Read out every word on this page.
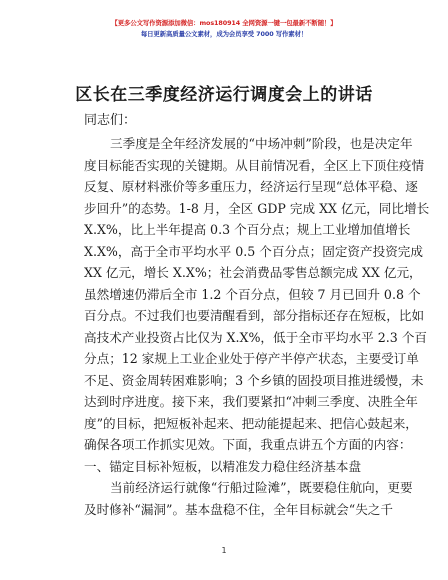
【更多公文写作资源添加微信：mos180914 全网资源一键一包最新不断随！】
每日更新高质量公文素材，成为会员享受 7000 写作素材！
区长在三季度经济运行调度会上的讲话
同志们：
三季度是全年经济发展的“中场冲刺”阶段，也是决定年
度目标能否实现的关键期。从目前情况看，全区上下顶住疫情
反复、原材料涨价等多重压力，经济运行呈现“总体平稳、逐
步回升”的态势。1-8 月，全区 GDP 完成 XX 亿元，同比增长
X.X%，比上半年提高 0.3 个百分点；规上工业增加值增长
X.X%，高于全市平均水平 0.5 个百分点；固定资产投资完成
XX 亿元，增长 X.X%；社会消费品零售总额完成 XX 亿元，
虽然增速仍滞后全市 1.2 个百分点，但较 7 月已回升 0.8 个
百分点。不过我们也要清醒看到，部分指标还存在短板，比如
高技术产业投资占比仅为 X.X%，低于全市平均水平 2.3 个百
分点；12 家规上工业企业处于停产半停产状态，主要受订单
不足、资金周转困难影响；3 个乡镇的固投项目推进缓慢，未
达到时序进度。接下来，我们要紧扣“冲刺三季度、决胜全年
度”的目标，把短板补起来、把动能提起来、把信心鼓起来，
确保各项工作抓实见效。下面，我重点讲五个方面的内容：
一、锚定目标补短板，以精准发力稳住经济基本盘
当前经济运行就像“行船过险滩”，既要稳住航向，更要
及时修补“漏洞”。基本盘稳不住，全年目标就会“失之千
1
